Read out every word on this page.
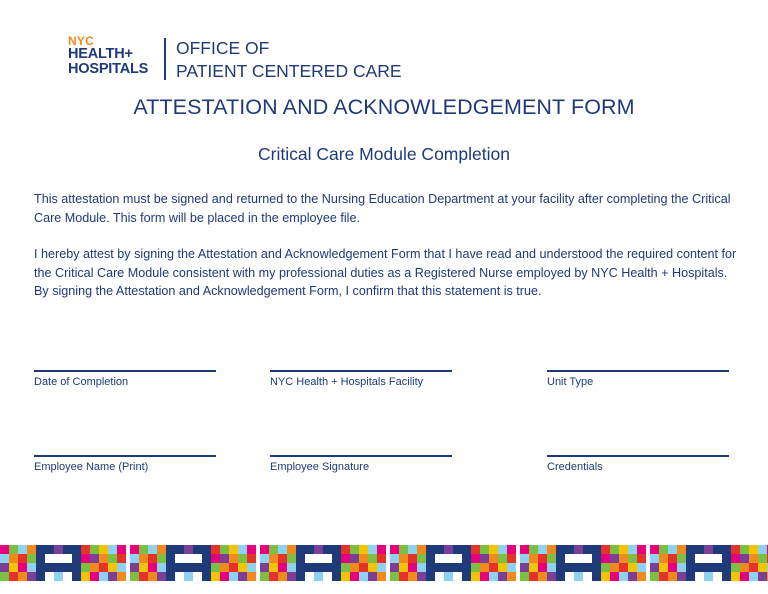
NYC
HEALTH+
HOSPITALS
OFFICE OF
PATIENT CENTERED CARE
ATTESTATION AND ACKNOWLEDGEMENT FORM
Critical Care Module Completion

This attestation must be signed and returned to the Nursing Education Department at your facility after completing the Critical Care Module. This form will be placed in the employee file.

I hereby attest by signing the Attestation and Acknowledgement Form that I have read and understood the required content for the Critical Care Module consistent with my professional duties as a Registered Nurse employed by NYC Health + Hospitals. By signing the Attestation and Acknowledgement Form, I confirm that this statement is true.

Date of Completion	NYC Health + Hospitals Facility	Unit Type
Employee Name (Print)	Employee Signature	Credentials
